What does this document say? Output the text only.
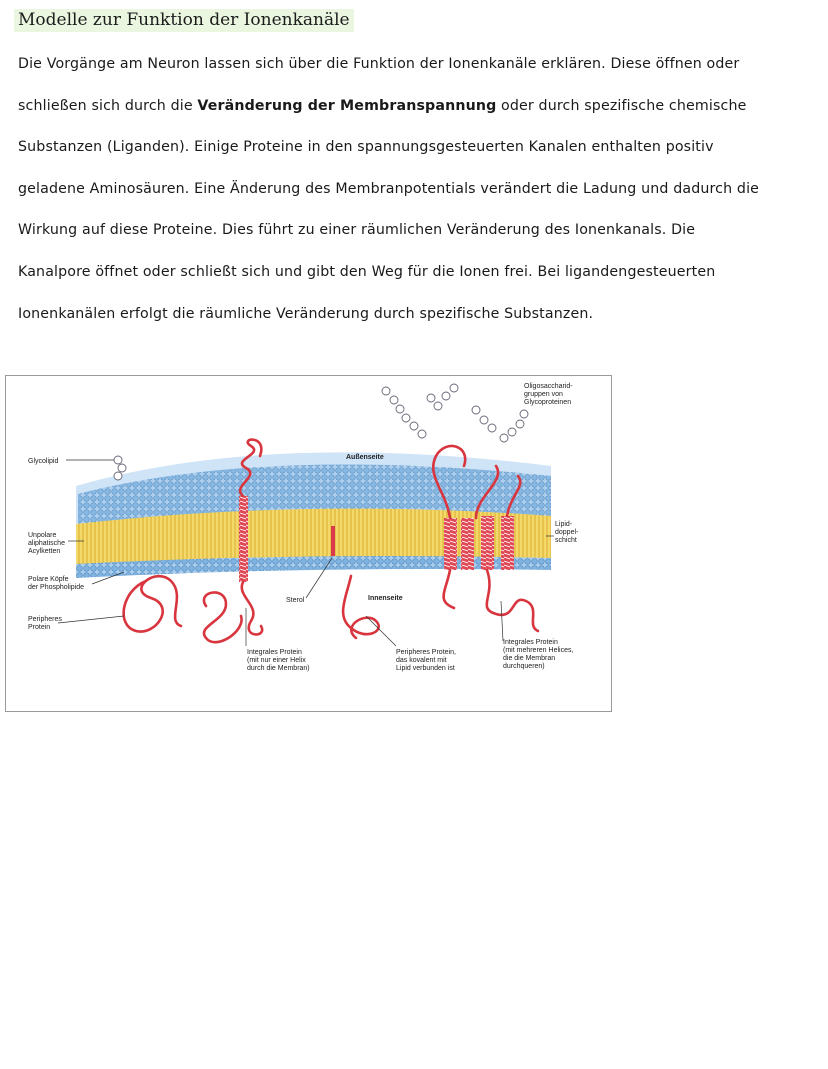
Modelle zur Funktion der Ionenkanäle

Die Vorgänge am Neuron lassen sich über die Funktion der Ionenkanäle erklären. Diese öffnen oder
schließen sich durch die Veränderung der Membranspannung oder durch spezifische chemische
Substanzen (Liganden). Einige Proteine in den spannungsgesteuerten Kanalen enthalten positiv
geladene Aminosäuren. Eine Änderung des Membranpotentials verändert die Ladung und dadurch die
Wirkung auf diese Proteine. Dies führt zu einer räumlichen Veränderung des Ionenkanals. Die
Kanalpore öffnet oder schließt sich und gibt den Weg für die Ionen frei. Bei ligandengesteuerten
Ionenkanälen erfolgt die räumliche Veränderung durch spezifische Substanzen.

Glycolipid
Unpolare
aliphatische
Acylketten
Polare Köpfe
der Phospholipide
Peripheres
Protein
Außenseite
Innenseite
Sterol
Oligosaccharid-
gruppen von
Glycoproteinen
Lipid-
doppel-
schicht
Integrales Protein
(mit nur einer Helix
durch die Membran)
Peripheres Protein,
das kovalent mit
Lipid verbunden ist
Integrales Protein
(mit mehreren Helices,
die die Membran
durchqueren)
